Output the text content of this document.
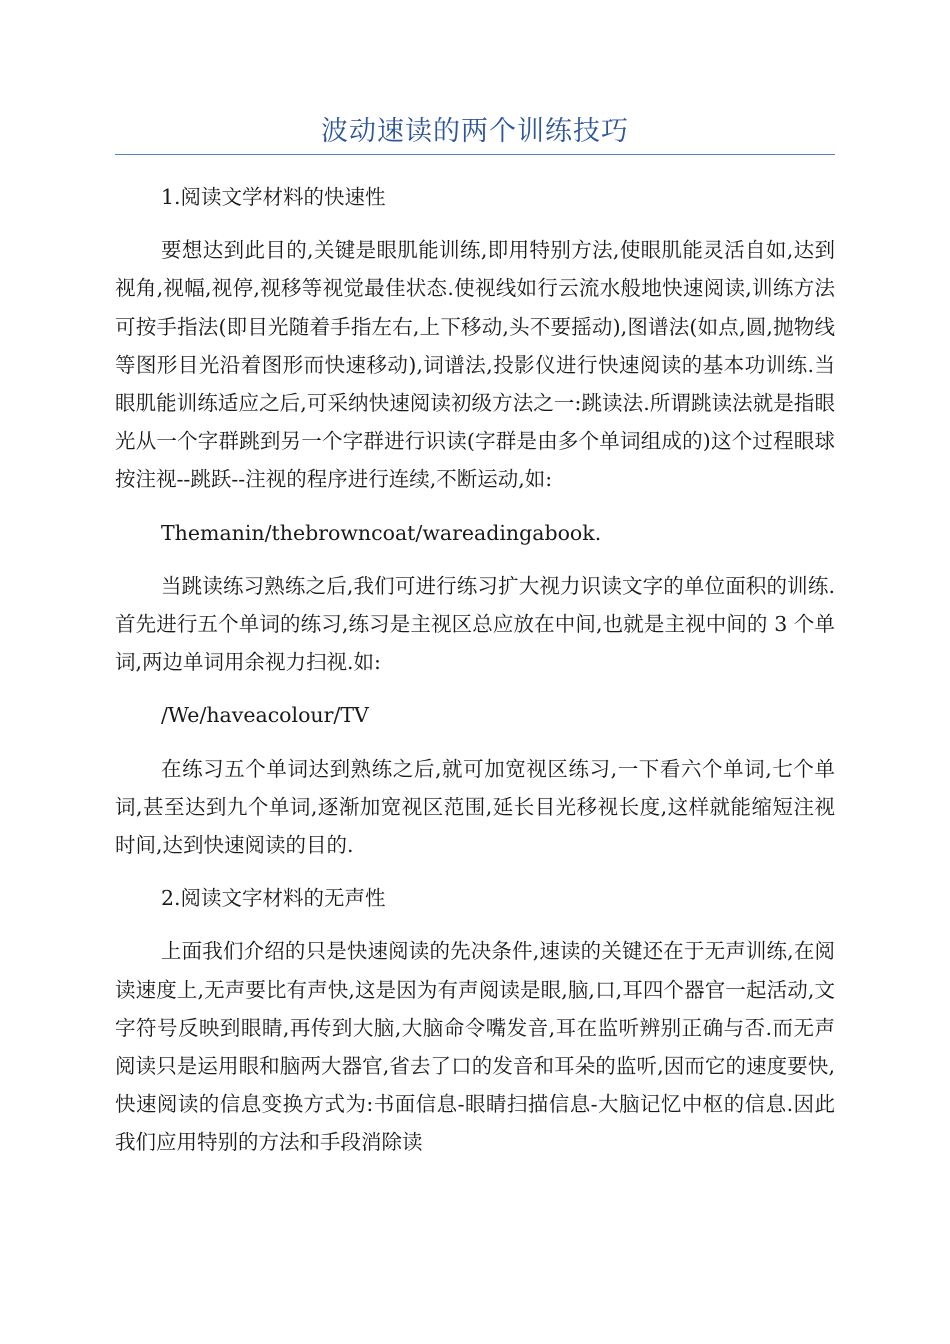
波动速读的两个训练技巧

1.阅读文学材料的快速性

要想达到此目的,关键是眼肌能训练,即用特别方法,使眼肌能灵活自如,达到视角,视幅,视停,视移等视觉最佳状态.使视线如行云流水般地快速阅读,训练方法可按手指法(即目光随着手指左右,上下移动,头不要摇动),图谱法(如点,圆,抛物线等图形目光沿着图形而快速移动),词谱法,投影仪进行快速阅读的基本功训练.当眼肌能训练适应之后,可采纳快速阅读初级方法之一:跳读法.所谓跳读法就是指眼光从一个字群跳到另一个字群进行识读(字群是由多个单词组成的)这个过程眼球按注视--跳跃--注视的程序进行连续,不断运动,如:

Themanin/thebrowncoat/wareadingabook.

当跳读练习熟练之后,我们可进行练习扩大视力识读文字的单位面积的训练.首先进行五个单词的练习,练习是主视区总应放在中间,也就是主视中间的 3 个单词,两边单词用余视力扫视.如:

/We/haveacolour/TV

在练习五个单词达到熟练之后,就可加宽视区练习,一下看六个单词,七个单词,甚至达到九个单词,逐渐加宽视区范围,延长目光移视长度,这样就能缩短注视时间,达到快速阅读的目的.

2.阅读文字材料的无声性

上面我们介绍的只是快速阅读的先决条件,速读的关键还在于无声训练,在阅读速度上,无声要比有声快,这是因为有声阅读是眼,脑,口,耳四个器官一起活动,文字符号反映到眼睛,再传到大脑,大脑命令嘴发音,耳在监听辨别正确与否.而无声阅读只是运用眼和脑两大器官,省去了口的发音和耳朵的监听,因而它的速度要快,快速阅读的信息变换方式为:书面信息-眼睛扫描信息-大脑记忆中枢的信息.因此我们应用特别的方法和手段消除读
